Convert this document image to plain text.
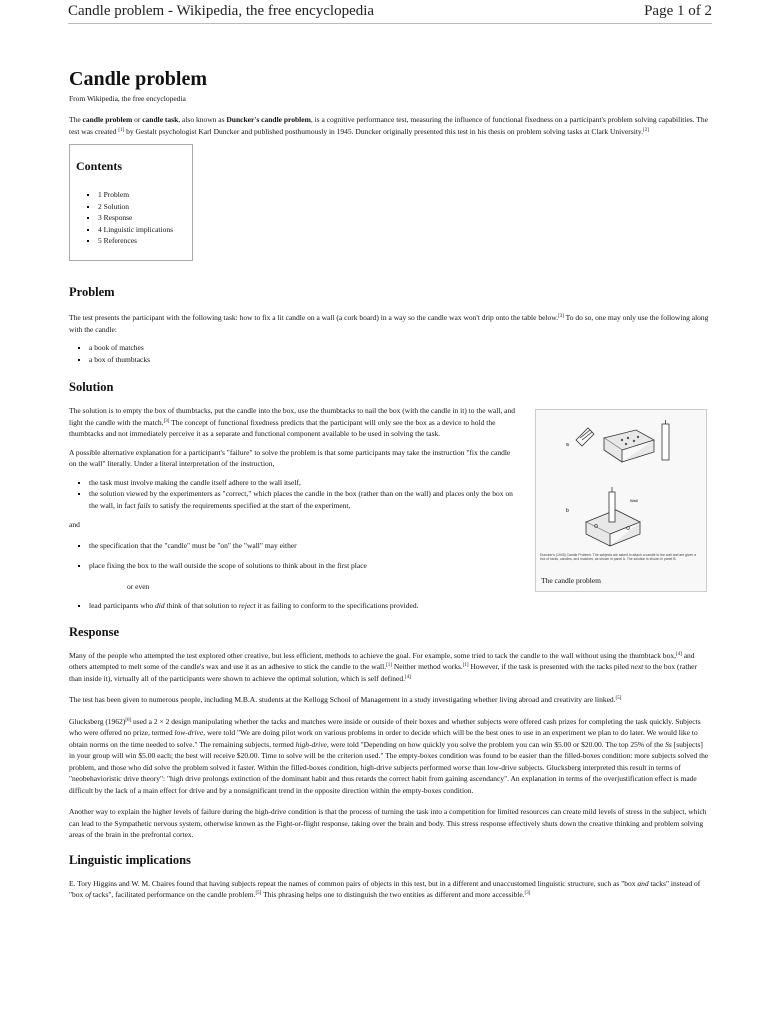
Candle problem - Wikipedia, the free encyclopedia	Page 1 of 2
Candle problem
From Wikipedia, the free encyclopedia

The candle problem or candle task, also known as Duncker's candle problem, is a cognitive performance test, measuring the influence of functional fixedness on a participant's problem solving capabilities. The test was created [1] by Gestalt psychologist Karl Duncker and published posthumously in 1945. Duncker originally presented this test in his thesis on problem solving tasks at Clark University.[2]

Contents
▪ 1 Problem
▪ 2 Solution
▪ 3 Response
▪ 4 Linguistic implications
▪ 5 References
Problem

The test presents the participant with the following task: how to fix a lit candle on a wall (a cork board) in a way so the candle wax won't drip onto the table below.[3] To do so, one may only use the following along with the candle:

▪ a book of matches
▪ a box of thumbtacks
Solution

The solution is to empty the box of thumbtacks, put the candle into the box, use the thumbtacks to nail the box (with the candle in it) to the wall, and light the candle with the match.[3] The concept of functional fixedness predicts that the participant will only see the box as a device to hold the thumbtacks and not immediately perceive it as a separate and functional component available to be used in solving the task.

A possible alternative explanation for a participant's "failure" to solve the problem is that some participants may take the instruction "fix the candle on the wall" literally. Under a literal interpretation of the instruction,

▪ the task must involve making the candle itself adhere to the wall itself,
▪ the solution viewed by the experimenters as "correct," which places the candle in the box (rather than on the wall) and places only the box on the wall, in fact fails to satisfy the requirements specified at the start of the experiment,

and

▪ the specification that the "candle" must be "on" the "wall" may either
▪ place fixing the box to the wall outside the scope of solutions to think about in the first place

or even

▪ lead participants who did think of that solution to reject it as failing to conform to the specifications provided.
Response

Many of the people who attempted the test explored other creative, but less efficient, methods to achieve the goal. For example, some tried to tack the candle to the wall without using the thumbtack box,[4] and others attempted to melt some of the candle's wax and use it as an adhesive to stick the candle to the wall.[1] Neither method works.[1] However, if the task is presented with the tacks piled next to the box (rather than inside it), virtually all of the participants were shown to achieve the optimal solution, which is self defined.[4]

The test has been given to numerous people, including M.B.A. students at the Kellogg School of Management in a study investigating whether living abroad and creativity are linked.[5]

Glucksberg (1962)[6] used a 2 × 2 design manipulating whether the tacks and matches were inside or outside of their boxes and whether subjects were offered cash prizes for completing the task quickly. Subjects who were offered no prize, termed low-drive, were told "We are doing pilot work on various problems in order to decide which will be the best ones to use in an experiment we plan to do later. We would like to obtain norms on the time needed to solve." The remaining subjects, termed high-drive, were told "Depending on how quickly you solve the problem you can win $5.00 or $20.00. The top 25% of the Ss [subjects] in your group will win $5.00 each; the best will receive $20.00. Time to solve will be the criterion used." The empty-boxes condition was found to be easier than the filled-boxes condition: more subjects solved the problem, and those who did solve the problem solved it faster. Within the filled-boxes condition, high-drive subjects performed worse than low-drive subjects. Glucksberg interpreted this result in terms of "neobehavioristic drive theory": "high drive prolongs extinction of the dominant habit and thus retards the correct habit from gaining ascendancy". An explanation in terms of the overjustification effect is made difficult by the lack of a main effect for drive and by a nonsignificant trend in the opposite direction within the empty-boxes condition.

Another way to explain the higher levels of failure during the high-drive condition is that the process of turning the task into a competition for limited resources can create mild levels of stress in the subject, which can lead to the Sympathetic nervous system, otherwise known as the Fight-or-flight response, taking over the brain and body. This stress response effectively shuts down the creative thinking and problem solving areas of the brain in the prefrontal cortex.

Linguistic implications

E. Tory Higgins and W. M. Chaires found that having subjects repeat the names of common pairs of objects in this test, but in a different and unaccustomed linguistic structure, such as "box and tacks" instead of "box of tacks", facilitated performance on the candle problem.[5] This phrasing helps one to distinguish the two entities as different and more accessible.[3]

a
b
Wall
Duncker's (1945) Candle Problem. The subjects are asked to attach a candle to the wall and are given a box of tacks, candles, and matches, as shown in panel A. The solution is shown in panel B.
The candle problem
